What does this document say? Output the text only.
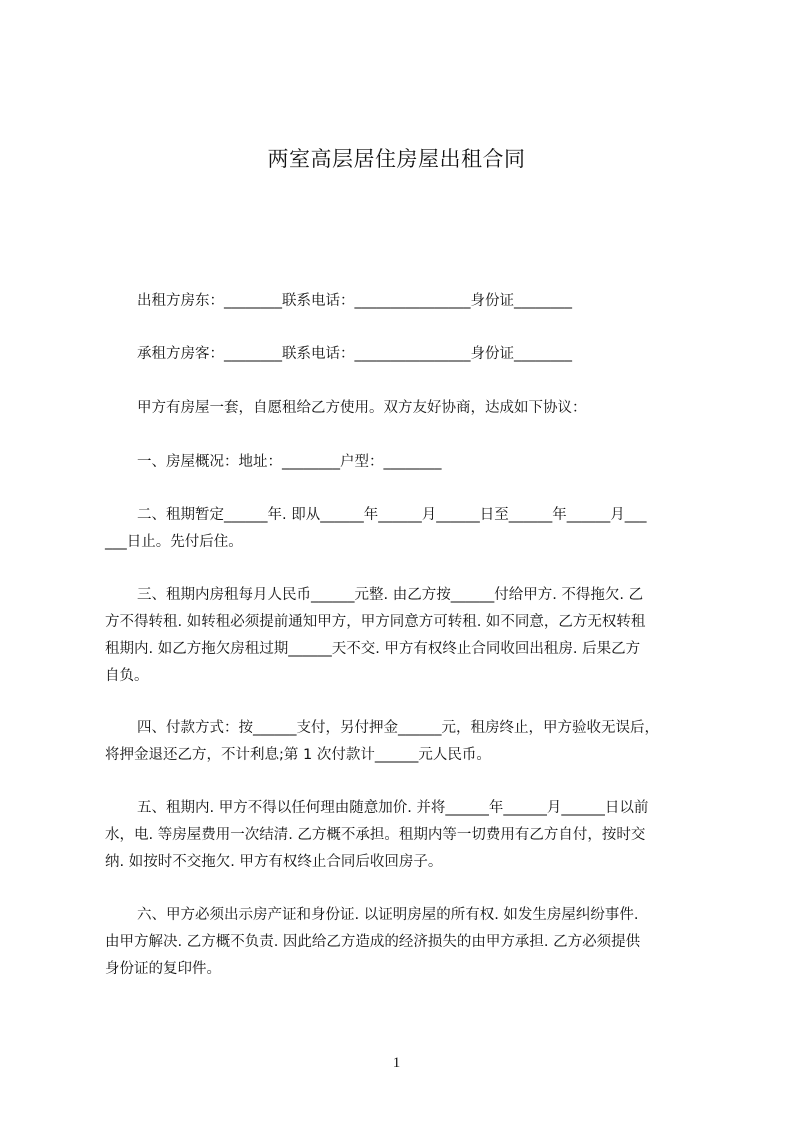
两室高层居住房屋出租合同
出租方房东：________联系电话：________________身份证________
承租方房客：________联系电话：________________身份证________
甲方有房屋一套，自愿租给乙方使用。双方友好协商，达成如下协议：
一、房屋概况：地址：________户型：________
二、租期暂定______年. 即从______年______月______日至______年______月___
___日止。先付后住。
三、租期内房租每月人民币______元整. 由乙方按______付给甲方. 不得拖欠. 乙
方不得转租. 如转租必须提前通知甲方，甲方同意方可转租. 如不同意，乙方无权转租
租期内. 如乙方拖欠房租过期______天不交. 甲方有权终止合同收回出租房. 后果乙方
自负。
四、付款方式：按______支付，另付押金______元，租房终止，甲方验收无误后，
将押金退还乙方，不计利息;第 1 次付款计______元人民币。
五、租期内. 甲方不得以任何理由随意加价. 并将______年______月______日以前
水，电. 等房屋费用一次结清. 乙方概不承担。租期内等一切费用有乙方自付，按时交
纳. 如按时不交拖欠. 甲方有权终止合同后收回房子。
六、甲方必须出示房产证和身份证. 以证明房屋的所有权. 如发生房屋纠纷事件.
由甲方解决. 乙方概不负责. 因此给乙方造成的经济损失的由甲方承担. 乙方必须提供
身份证的复印件。
1
